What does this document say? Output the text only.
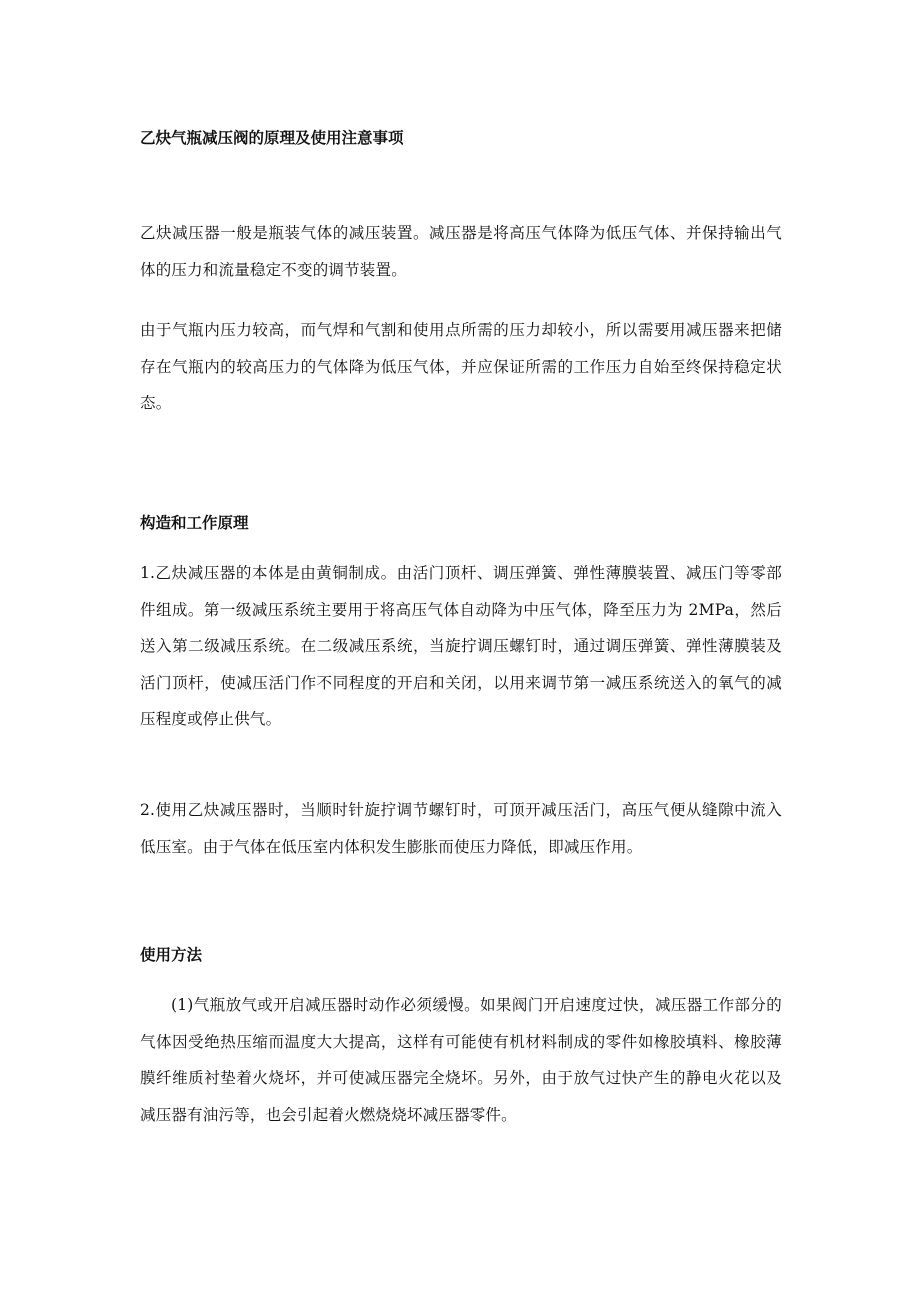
乙炔气瓶减压阀的原理及使用注意事项

乙炔减压器一般是瓶装气体的减压装置。减压器是将高压气体降为低压气体、并保持输出气体的压力和流量稳定不变的调节装置。

由于气瓶内压力较高，而气焊和气割和使用点所需的压力却较小，所以需要用减压器来把储存在气瓶内的较高压力的气体降为低压气体，并应保证所需的工作压力自始至终保持稳定状态。

构造和工作原理

1.乙炔减压器的本体是由黄铜制成。由活门顶杆、调压弹簧、弹性薄膜装置、减压门等零部件组成。第一级减压系统主要用于将高压气体自动降为中压气体，降至压力为 2MPa，然后送入第二级减压系统。在二级减压系统，当旋拧调压螺钉时，通过调压弹簧、弹性薄膜装及活门顶杆，使减压活门作不同程度的开启和关闭，以用来调节第一减压系统送入的氧气的减压程度或停止供气。

2.使用乙炔减压器时，当顺时针旋拧调节螺钉时，可顶开减压活门，高压气便从缝隙中流入低压室。由于气体在低压室内体积发生膨胀而使压力降低，即减压作用。

使用方法

(1)气瓶放气或开启减压器时动作必须缓慢。如果阀门开启速度过快，减压器工作部分的气体因受绝热压缩而温度大大提高，这样有可能使有机材料制成的零件如橡胶填料、橡胶薄膜纤维质衬垫着火烧坏，并可使减压器完全烧坏。另外，由于放气过快产生的静电火花以及减压器有油污等，也会引起着火燃烧烧坏减压器零件。
